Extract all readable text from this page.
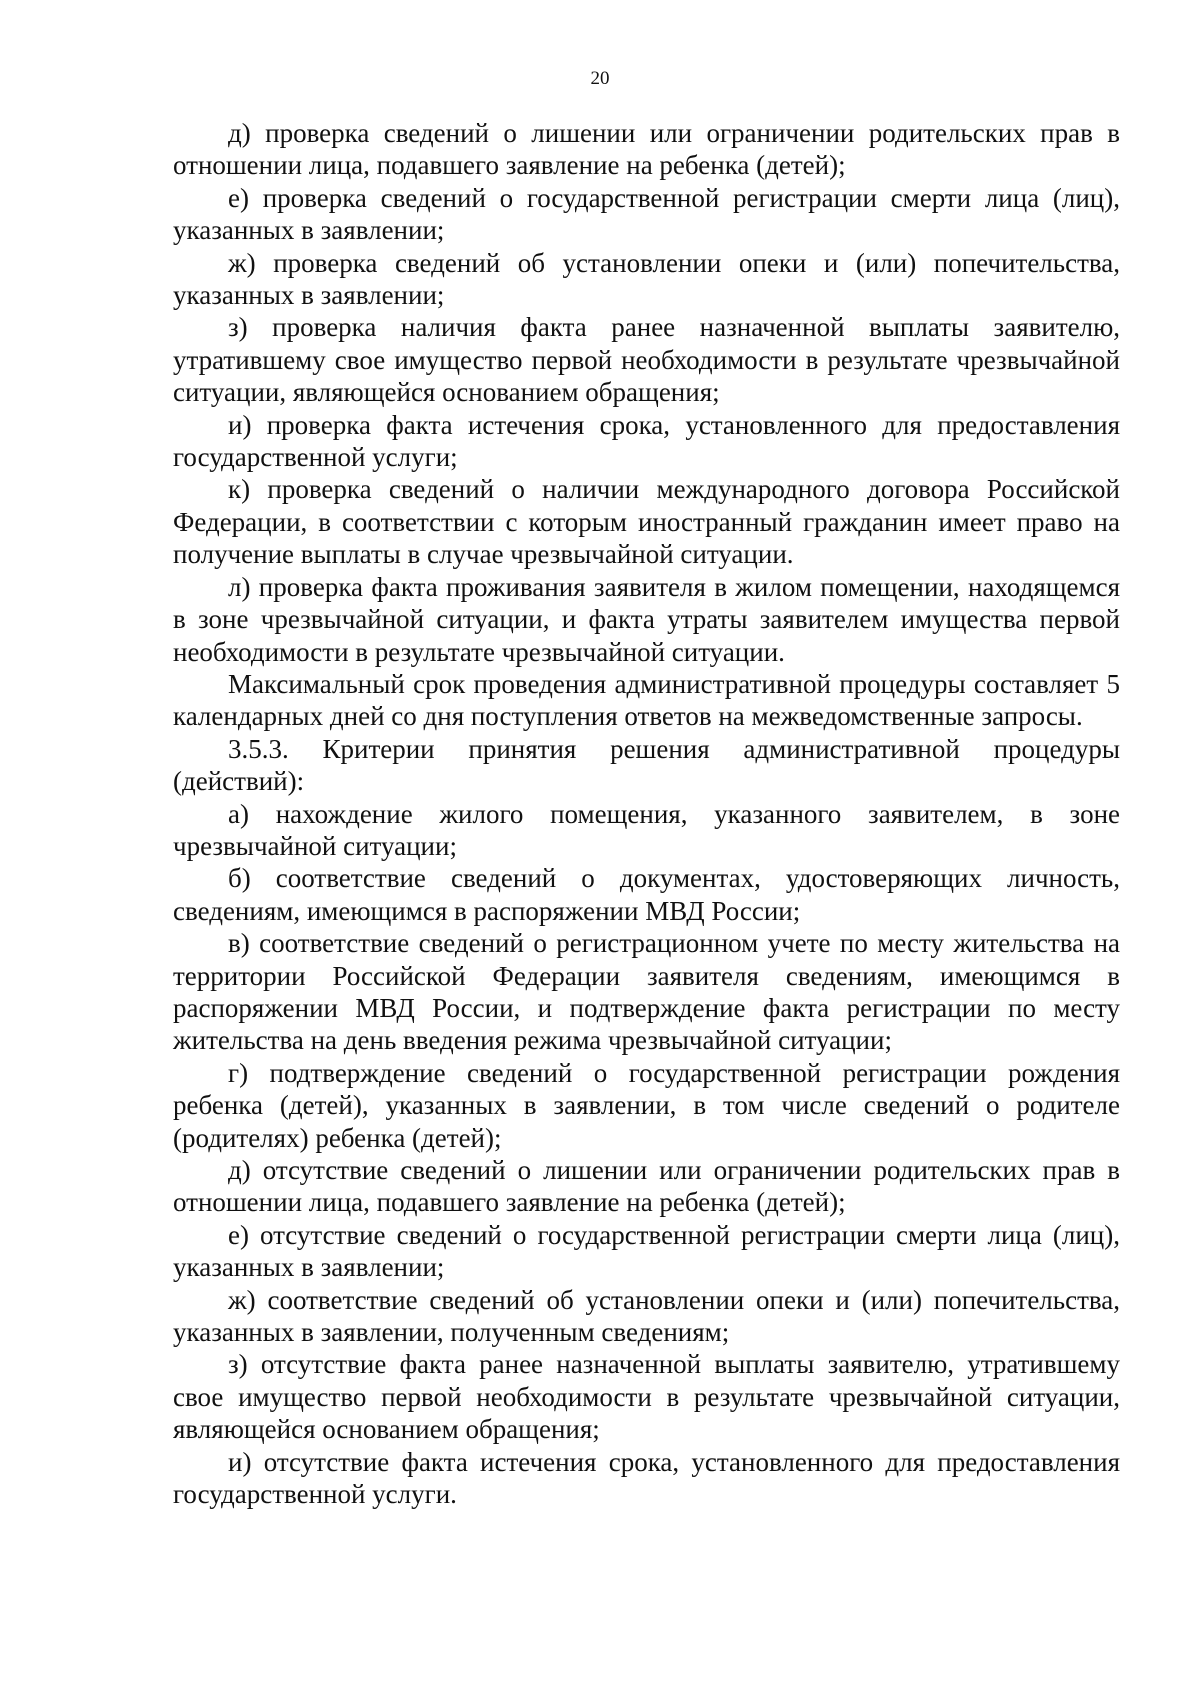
20

д) проверка сведений о лишении или ограничении родительских прав в отношении лица, подавшего заявление на ребенка (детей);

е) проверка сведений о государственной регистрации смерти лица (лиц), указанных в заявлении;

ж) проверка сведений об установлении опеки и (или) попечительства, указанных в заявлении;

з) проверка наличия факта ранее назначенной выплаты заявителю, утратившему свое имущество первой необходимости в результате чрезвычайной ситуации, являющейся основанием обращения;

и) проверка факта истечения срока, установленного для предоставления государственной услуги;

к) проверка сведений о наличии международного договора Российской Федерации, в соответствии с которым иностранный гражданин имеет право на получение выплаты в случае чрезвычайной ситуации.

л) проверка факта проживания заявителя в жилом помещении, находящемся в зоне чрезвычайной ситуации, и факта утраты заявителем имущества первой необходимости в результате чрезвычайной ситуации.

Максимальный срок проведения административной процедуры составляет 5 календарных дней со дня поступления ответов на межведомственные запросы.

3.5.3. Критерии принятия решения административной процедуры (действий):

а) нахождение жилого помещения, указанного заявителем, в зоне чрезвычайной ситуации;

б) соответствие сведений о документах, удостоверяющих личность, сведениям, имеющимся в распоряжении МВД России;

в) соответствие сведений о регистрационном учете по месту жительства на территории Российской Федерации заявителя сведениям, имеющимся в распоряжении МВД России, и подтверждение факта регистрации по месту жительства на день введения режима чрезвычайной ситуации;

г) подтверждение сведений о государственной регистрации рождения ребенка (детей), указанных в заявлении, в том числе сведений о родителе (родителях) ребенка (детей);

д) отсутствие сведений о лишении или ограничении родительских прав в отношении лица, подавшего заявление на ребенка (детей);

е) отсутствие сведений о государственной регистрации смерти лица (лиц), указанных в заявлении;

ж) соответствие сведений об установлении опеки и (или) попечительства, указанных в заявлении, полученным сведениям;

з) отсутствие факта ранее назначенной выплаты заявителю, утратившему свое имущество первой необходимости в результате чрезвычайной ситуации, являющейся основанием обращения;

и) отсутствие факта истечения срока, установленного для предоставления государственной услуги.
